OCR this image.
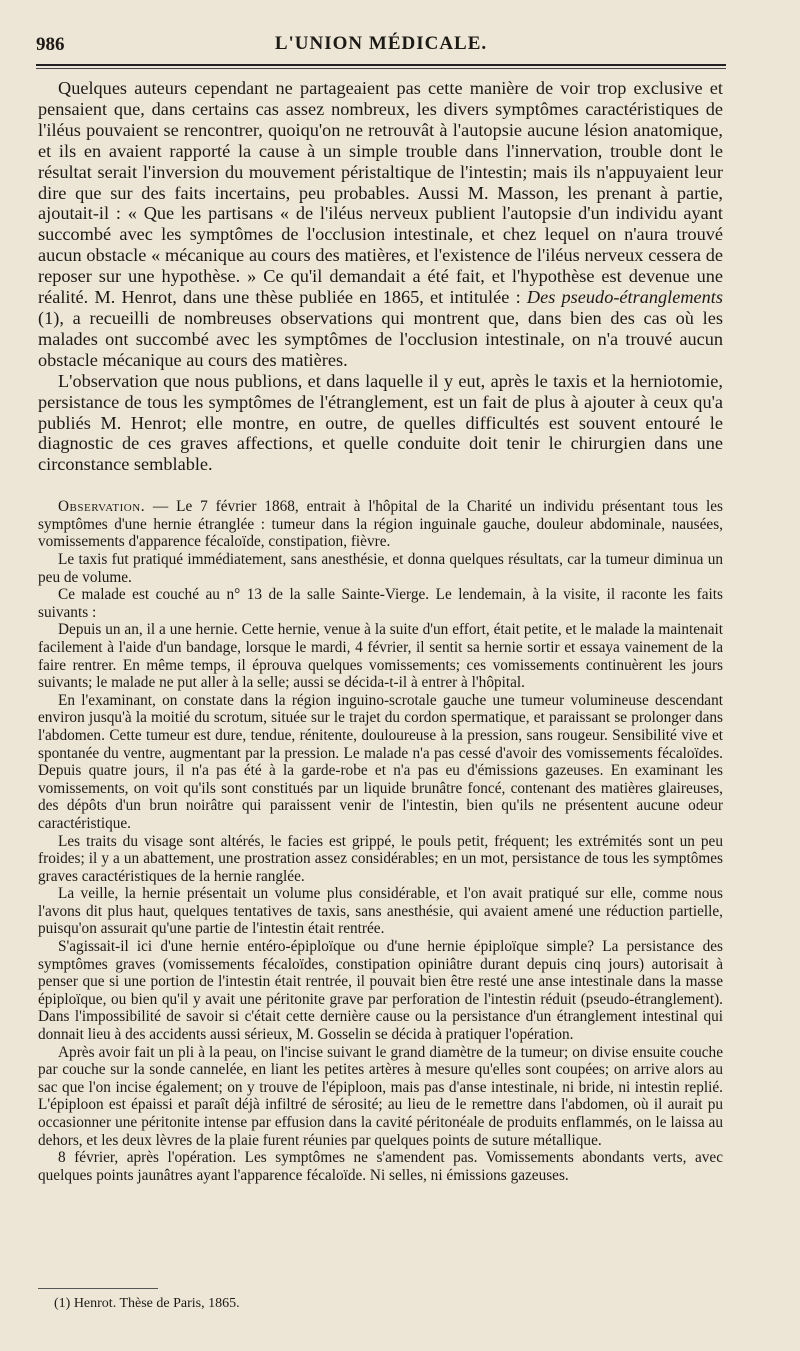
986	L'UNION MÉDICALE.

Quelques auteurs cependant ne partageaient pas cette manière de voir trop exclusive et pensaient que, dans certains cas assez nombreux, les divers symptômes caractéristiques de l'iléus pouvaient se rencontrer, quoiqu'on ne retrouvât à l'autopsie aucune lésion anatomique, et ils en avaient rapporté la cause à un simple trouble dans l'innervation, trouble dont le résultat serait l'inversion du mouvement péristaltique de l'intestin; mais ils n'appuyaient leur dire que sur des faits incertains, peu probables. Aussi M. Masson, les prenant à partie, ajoutait-il : « Que les partisans « de l'iléus nerveux publient l'autopsie d'un individu ayant succombé avec les symptômes de l'occlusion intestinale, et chez lequel on n'aura trouvé aucun obstacle « mécanique au cours des matières, et l'existence de l'iléus nerveux cessera de reposer sur une hypothèse. » Ce qu'il demandait a été fait, et l'hypothèse est devenue une réalité. M. Henrot, dans une thèse publiée en 1865, et intitulée : Des pseudo-étranglements (1), a recueilli de nombreuses observations qui montrent que, dans bien des cas où les malades ont succombé avec les symptômes de l'occlusion intestinale, on n'a trouvé aucun obstacle mécanique au cours des matières.

L'observation que nous publions, et dans laquelle il y eut, après le taxis et la herniotomie, persistance de tous les symptômes de l'étranglement, est un fait de plus à ajouter à ceux qu'a publiés M. Henrot; elle montre, en outre, de quelles difficultés est souvent entouré le diagnostic de ces graves affections, et quelle conduite doit tenir le chirurgien dans une circonstance semblable.

Observation. — Le 7 février 1868, entrait à l'hôpital de la Charité un individu présentant tous les symptômes d'une hernie étranglée : tumeur dans la région inguinale gauche, douleur abdominale, nausées, vomissements d'apparence fécaloïde, constipation, fièvre.

Le taxis fut pratiqué immédiatement, sans anesthésie, et donna quelques résultats, car la tumeur diminua un peu de volume.

Ce malade est couché au n° 13 de la salle Sainte-Vierge. Le lendemain, à la visite, il raconte les faits suivants :

Depuis un an, il a une hernie. Cette hernie, venue à la suite d'un effort, était petite, et le malade la maintenait facilement à l'aide d'un bandage, lorsque le mardi, 4 février, il sentit sa hernie sortir et essaya vainement de la faire rentrer. En même temps, il éprouva quelques vomissements; ces vomissements continuèrent les jours suivants; le malade ne put aller à la selle; aussi se décida-t-il à entrer à l'hôpital.

En l'examinant, on constate dans la région inguino-scrotale gauche une tumeur volumineuse descendant environ jusqu'à la moitié du scrotum, située sur le trajet du cordon spermatique, et paraissant se prolonger dans l'abdomen. Cette tumeur est dure, tendue, rénitente, douloureuse à la pression, sans rougeur. Sensibilité vive et spontanée du ventre, augmentant par la pression. Le malade n'a pas cessé d'avoir des vomissements fécaloïdes. Depuis quatre jours, il n'a pas été à la garde-robe et n'a pas eu d'émissions gazeuses. En examinant les vomissements, on voit qu'ils sont constitués par un liquide brunâtre foncé, contenant des matières glaireuses, des dépôts d'un brun noirâtre qui paraissent venir de l'intestin, bien qu'ils ne présentent aucune odeur caractéristique.

Les traits du visage sont altérés, le facies est grippé, le pouls petit, fréquent; les extrémités sont un peu froides; il y a un abattement, une prostration assez considérables; en un mot, persistance de tous les symptômes graves caractéristiques de la hernie ranglée.

La veille, la hernie présentait un volume plus considérable, et l'on avait pratiqué sur elle, comme nous l'avons dit plus haut, quelques tentatives de taxis, sans anesthésie, qui avaient amené une réduction partielle, puisqu'on assurait qu'une partie de l'intestin était rentrée.

S'agissait-il ici d'une hernie entéro-épiploïque ou d'une hernie épiploïque simple? La persistance des symptômes graves (vomissements fécaloïdes, constipation opiniâtre durant depuis cinq jours) autorisait à penser que si une portion de l'intestin était rentrée, il pouvait bien être resté une anse intestinale dans la masse épiploïque, ou bien qu'il y avait une péritonite grave par perforation de l'intestin réduit (pseudo-étranglement). Dans l'impossibilité de savoir si c'était cette dernière cause ou la persistance d'un étranglement intestinal qui donnait lieu à des accidents aussi sérieux, M. Gosselin se décida à pratiquer l'opération.

Après avoir fait un pli à la peau, on l'incise suivant le grand diamètre de la tumeur; on divise ensuite couche par couche sur la sonde cannelée, en liant les petites artères à mesure qu'elles sont coupées; on arrive alors au sac que l'on incise également; on y trouve de l'épiploon, mais pas d'anse intestinale, ni bride, ni intestin replié. L'épiploon est épaissi et paraît déjà infiltré de sérosité; au lieu de le remettre dans l'abdomen, où il aurait pu occasionner une péritonite intense par effusion dans la cavité péritonéale de produits enflammés, on le laissa au dehors, et les deux lèvres de la plaie furent réunies par quelques points de suture métallique.

8 février, après l'opération. Les symptômes ne s'amendent pas. Vomissements abondants verts, avec quelques points jaunâtres ayant l'apparence fécaloïde. Ni selles, ni émissions gazeuses.

(1) Henrot. Thèse de Paris, 1865.
